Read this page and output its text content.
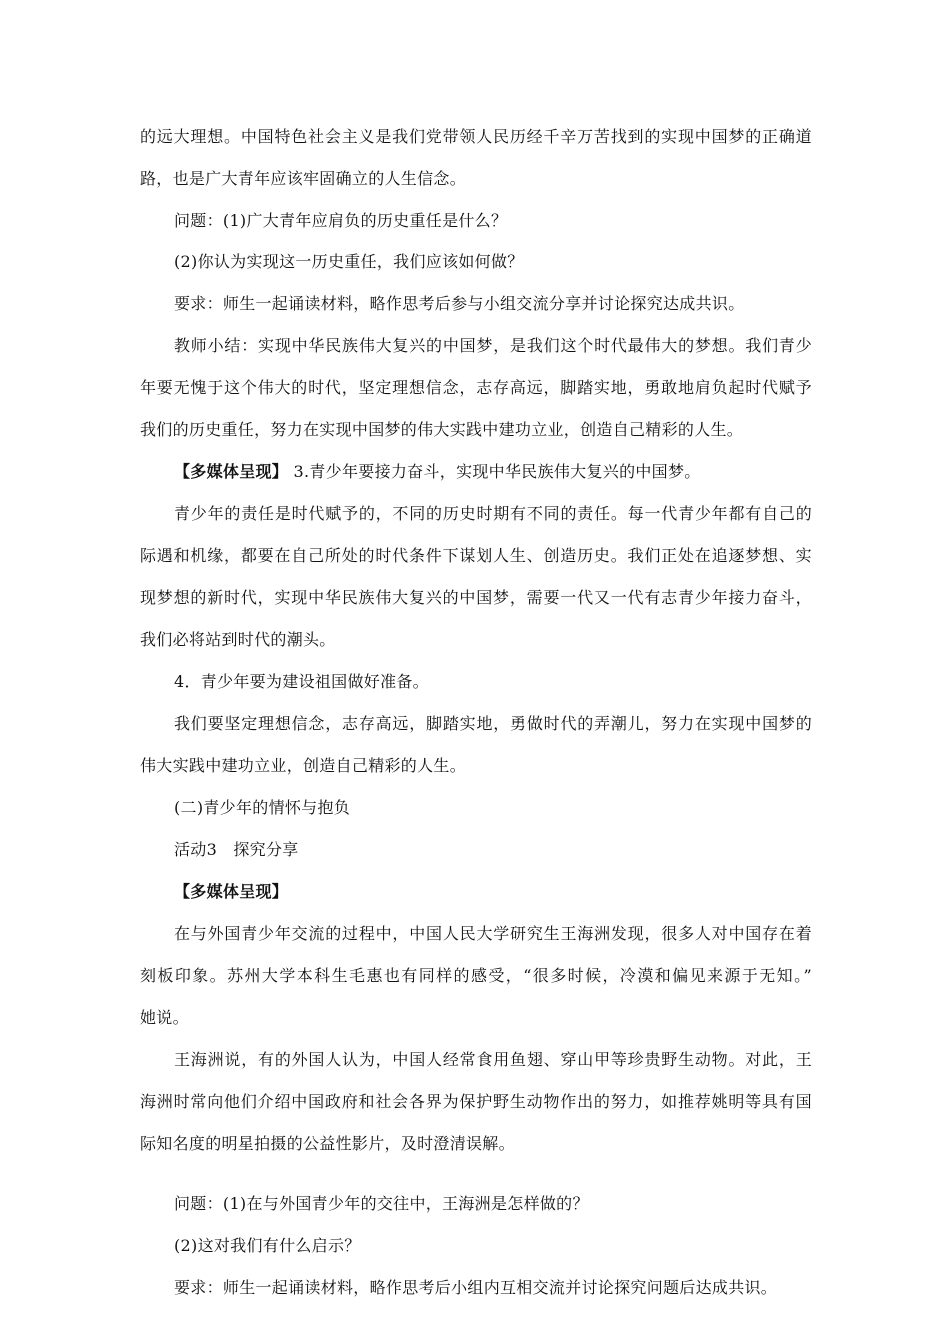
的远大理想。中国特色社会主义是我们党带领人民历经千辛万苦找到的实现中国梦的正确道
路，也是广大青年应该牢固确立的人生信念。
问题：(1)广大青年应肩负的历史重任是什么？
(2)你认为实现这一历史重任，我们应该如何做？
要求：师生一起诵读材料，略作思考后参与小组交流分享并讨论探究达成共识。
教师小结：实现中华民族伟大复兴的中国梦，是我们这个时代最伟大的梦想。我们青少
年要无愧于这个伟大的时代，坚定理想信念，志存高远，脚踏实地，勇敢地肩负起时代赋予
我们的历史重任，努力在实现中国梦的伟大实践中建功立业，创造自己精彩的人生。
【多媒体呈现】 3.青少年要接力奋斗，实现中华民族伟大复兴的中国梦。
青少年的责任是时代赋予的，不同的历史时期有不同的责任。每一代青少年都有自己的
际遇和机缘，都要在自己所处的时代条件下谋划人生、创造历史。我们正处在追逐梦想、实
现梦想的新时代，实现中华民族伟大复兴的中国梦，需要一代又一代有志青少年接力奋斗，
我们必将站到时代的潮头。
4．青少年要为建设祖国做好准备。
我们要坚定理想信念，志存高远，脚踏实地，勇做时代的弄潮儿，努力在实现中国梦的
伟大实践中建功立业，创造自己精彩的人生。
(二)青少年的情怀与抱负
活动3　探究分享
【多媒体呈现】
在与外国青少年交流的过程中，中国人民大学研究生王海洲发现，很多人对中国存在着
刻板印象。苏州大学本科生毛惠也有同样的感受，“很多时候，冷漠和偏见来源于无知。”
她说。
王海洲说，有的外国人认为，中国人经常食用鱼翅、穿山甲等珍贵野生动物。对此，王
海洲时常向他们介绍中国政府和社会各界为保护野生动物作出的努力，如推荐姚明等具有国
际知名度的明星拍摄的公益性影片，及时澄清误解。
问题：(1)在与外国青少年的交往中，王海洲是怎样做的？
(2)这对我们有什么启示？
要求：师生一起诵读材料，略作思考后小组内互相交流并讨论探究问题后达成共识。
